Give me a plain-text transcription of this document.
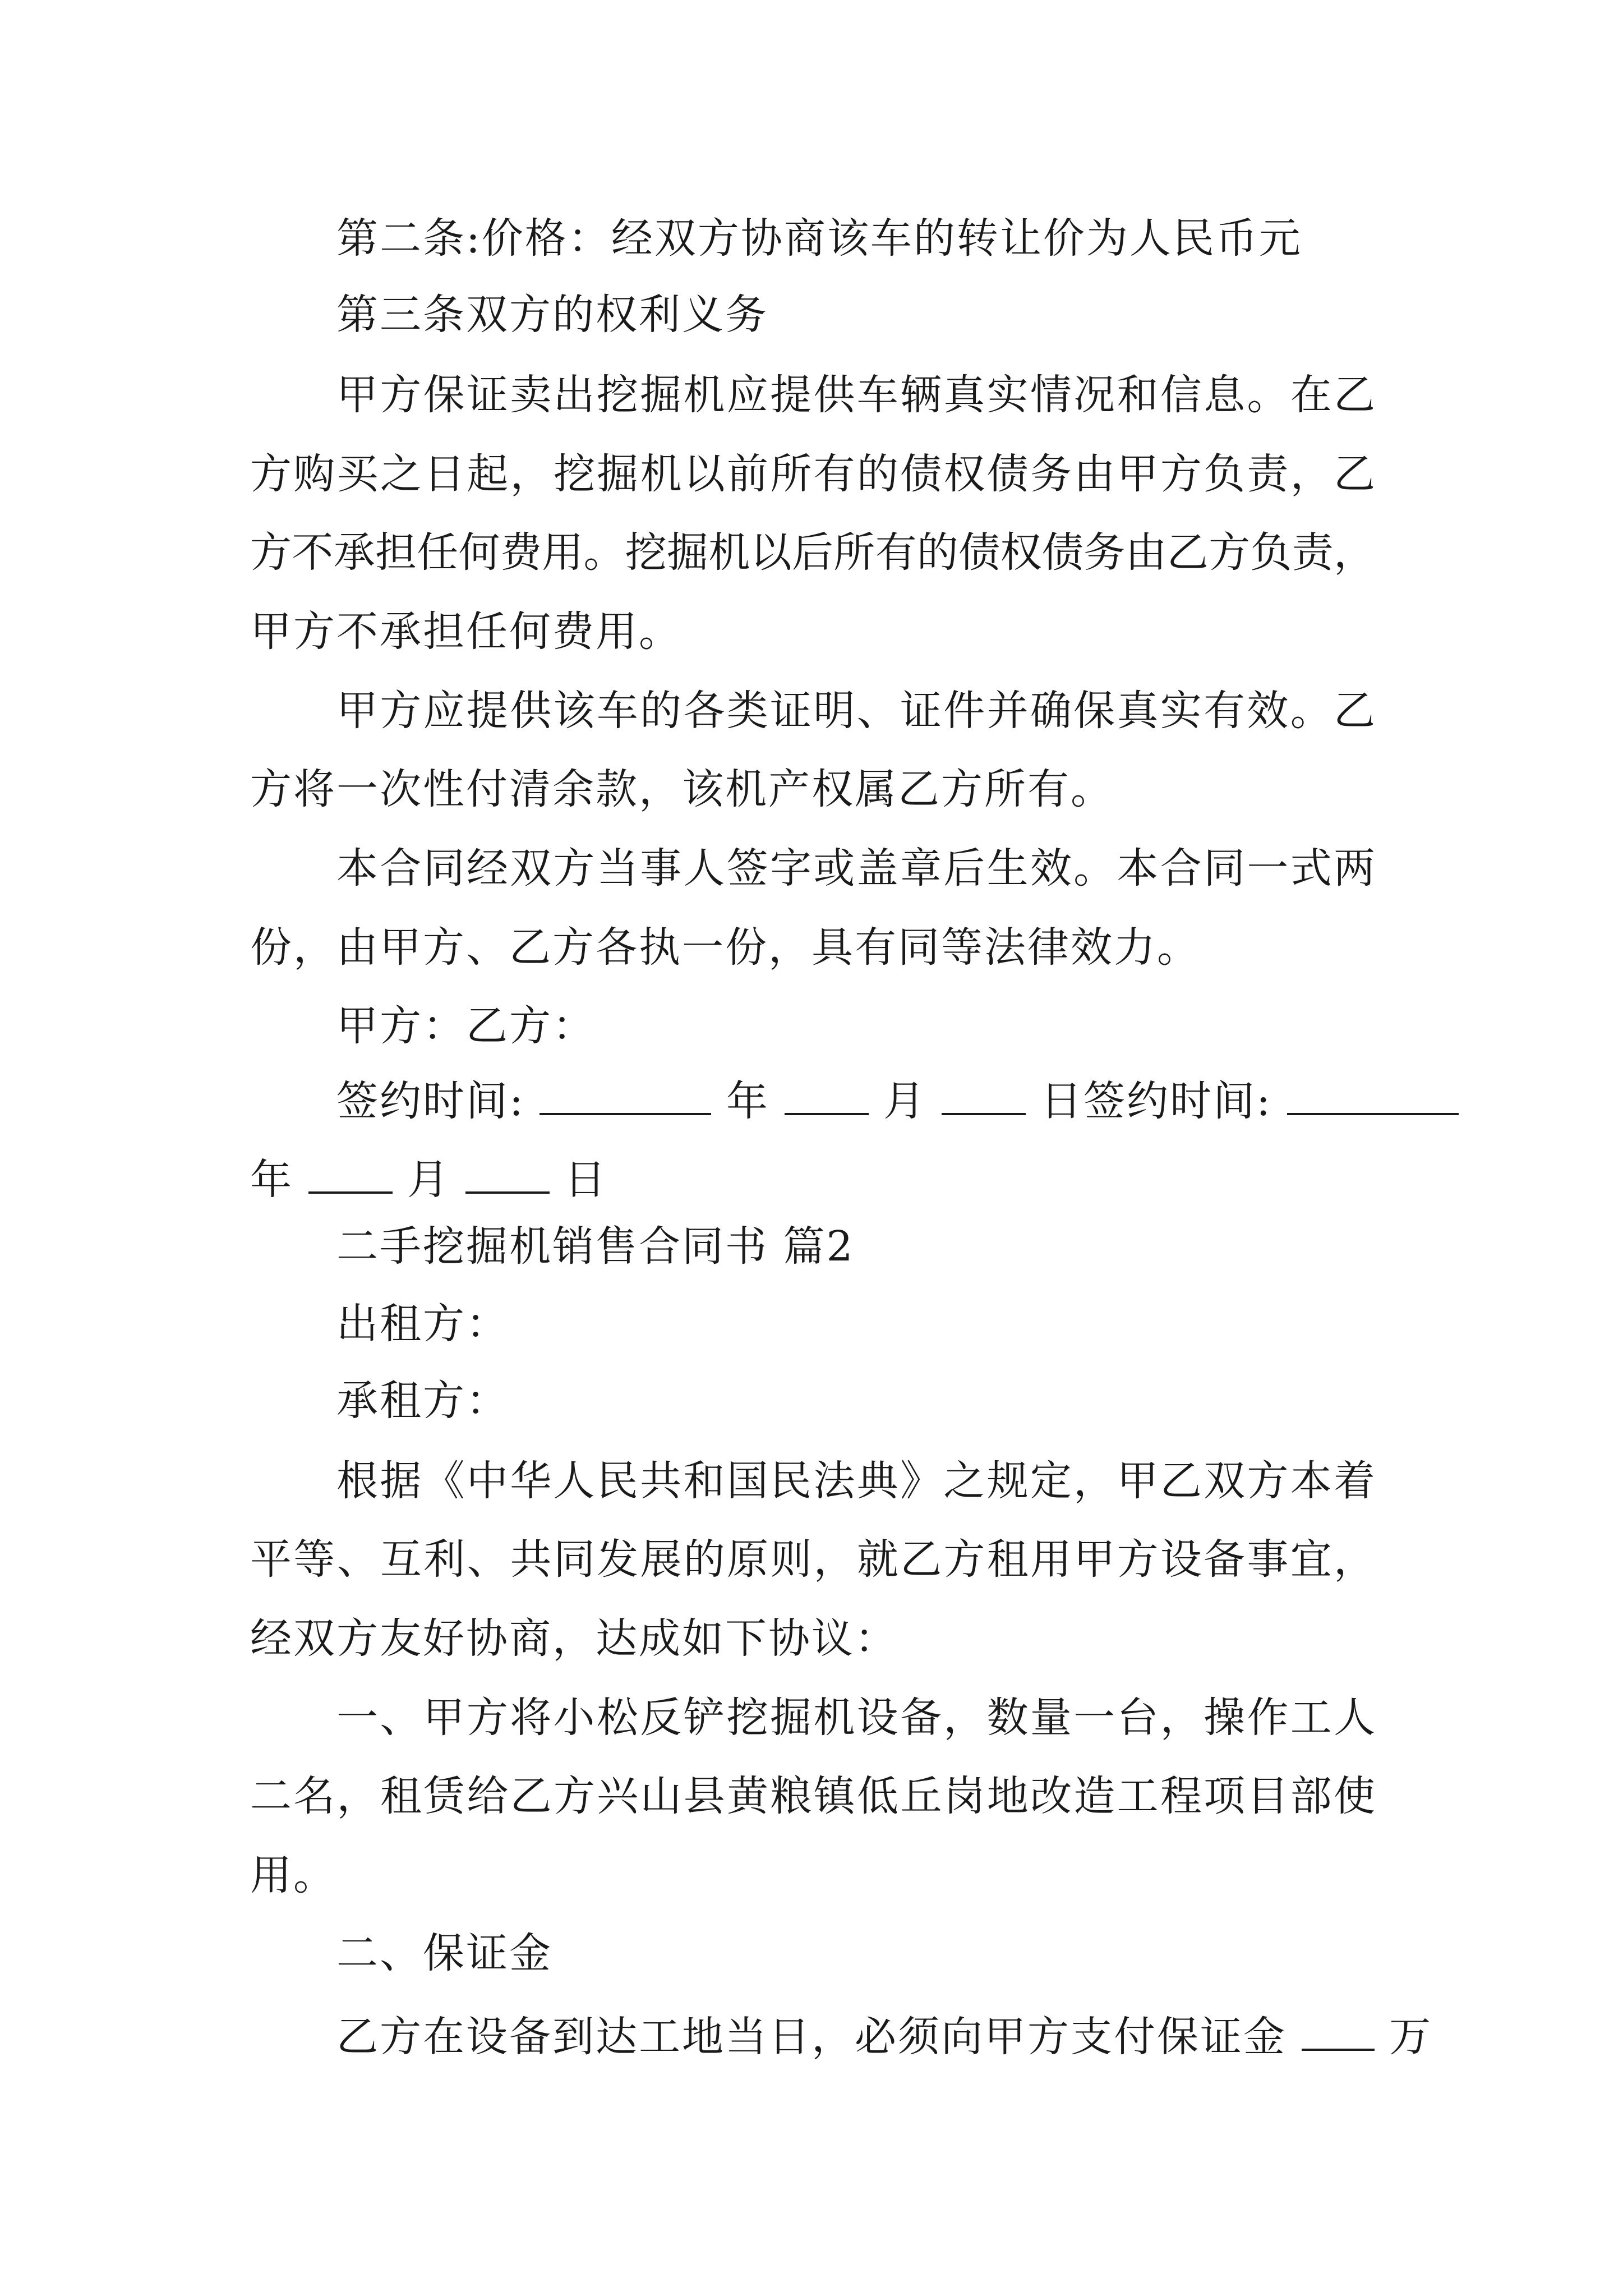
第二条:价格：经双方协商该车的转让价为人民币元
第三条双方的权利义务
甲方保证卖出挖掘机应提供车辆真实情况和信息。在乙
方购买之日起，挖掘机以前所有的债权债务由甲方负责，乙
方不承担任何费用。挖掘机以后所有的债权债务由乙方负责，
甲方不承担任何费用。
甲方应提供该车的各类证明、证件并确保真实有效。乙
方将一次性付清余款，该机产权属乙方所有。
本合同经双方当事人签字或盖章后生效。本合同一式两
份，由甲方、乙方各执一份，具有同等法律效力。
甲方：乙方：
签约时间:	年	月	日签约时间:
年	月	日
二手挖掘机销售合同书 篇2
出租方：
承租方：
根据《中华人民共和国民法典》之规定，甲乙双方本着
平等、互利、共同发展的原则，就乙方租用甲方设备事宜，
经双方友好协商，达成如下协议：
一、甲方将小松反铲挖掘机设备，数量一台，操作工人
二名，租赁给乙方兴山县黄粮镇低丘岗地改造工程项目部使
用。
二、保证金
乙方在设备到达工地当日，必须向甲方支付保证金 万
